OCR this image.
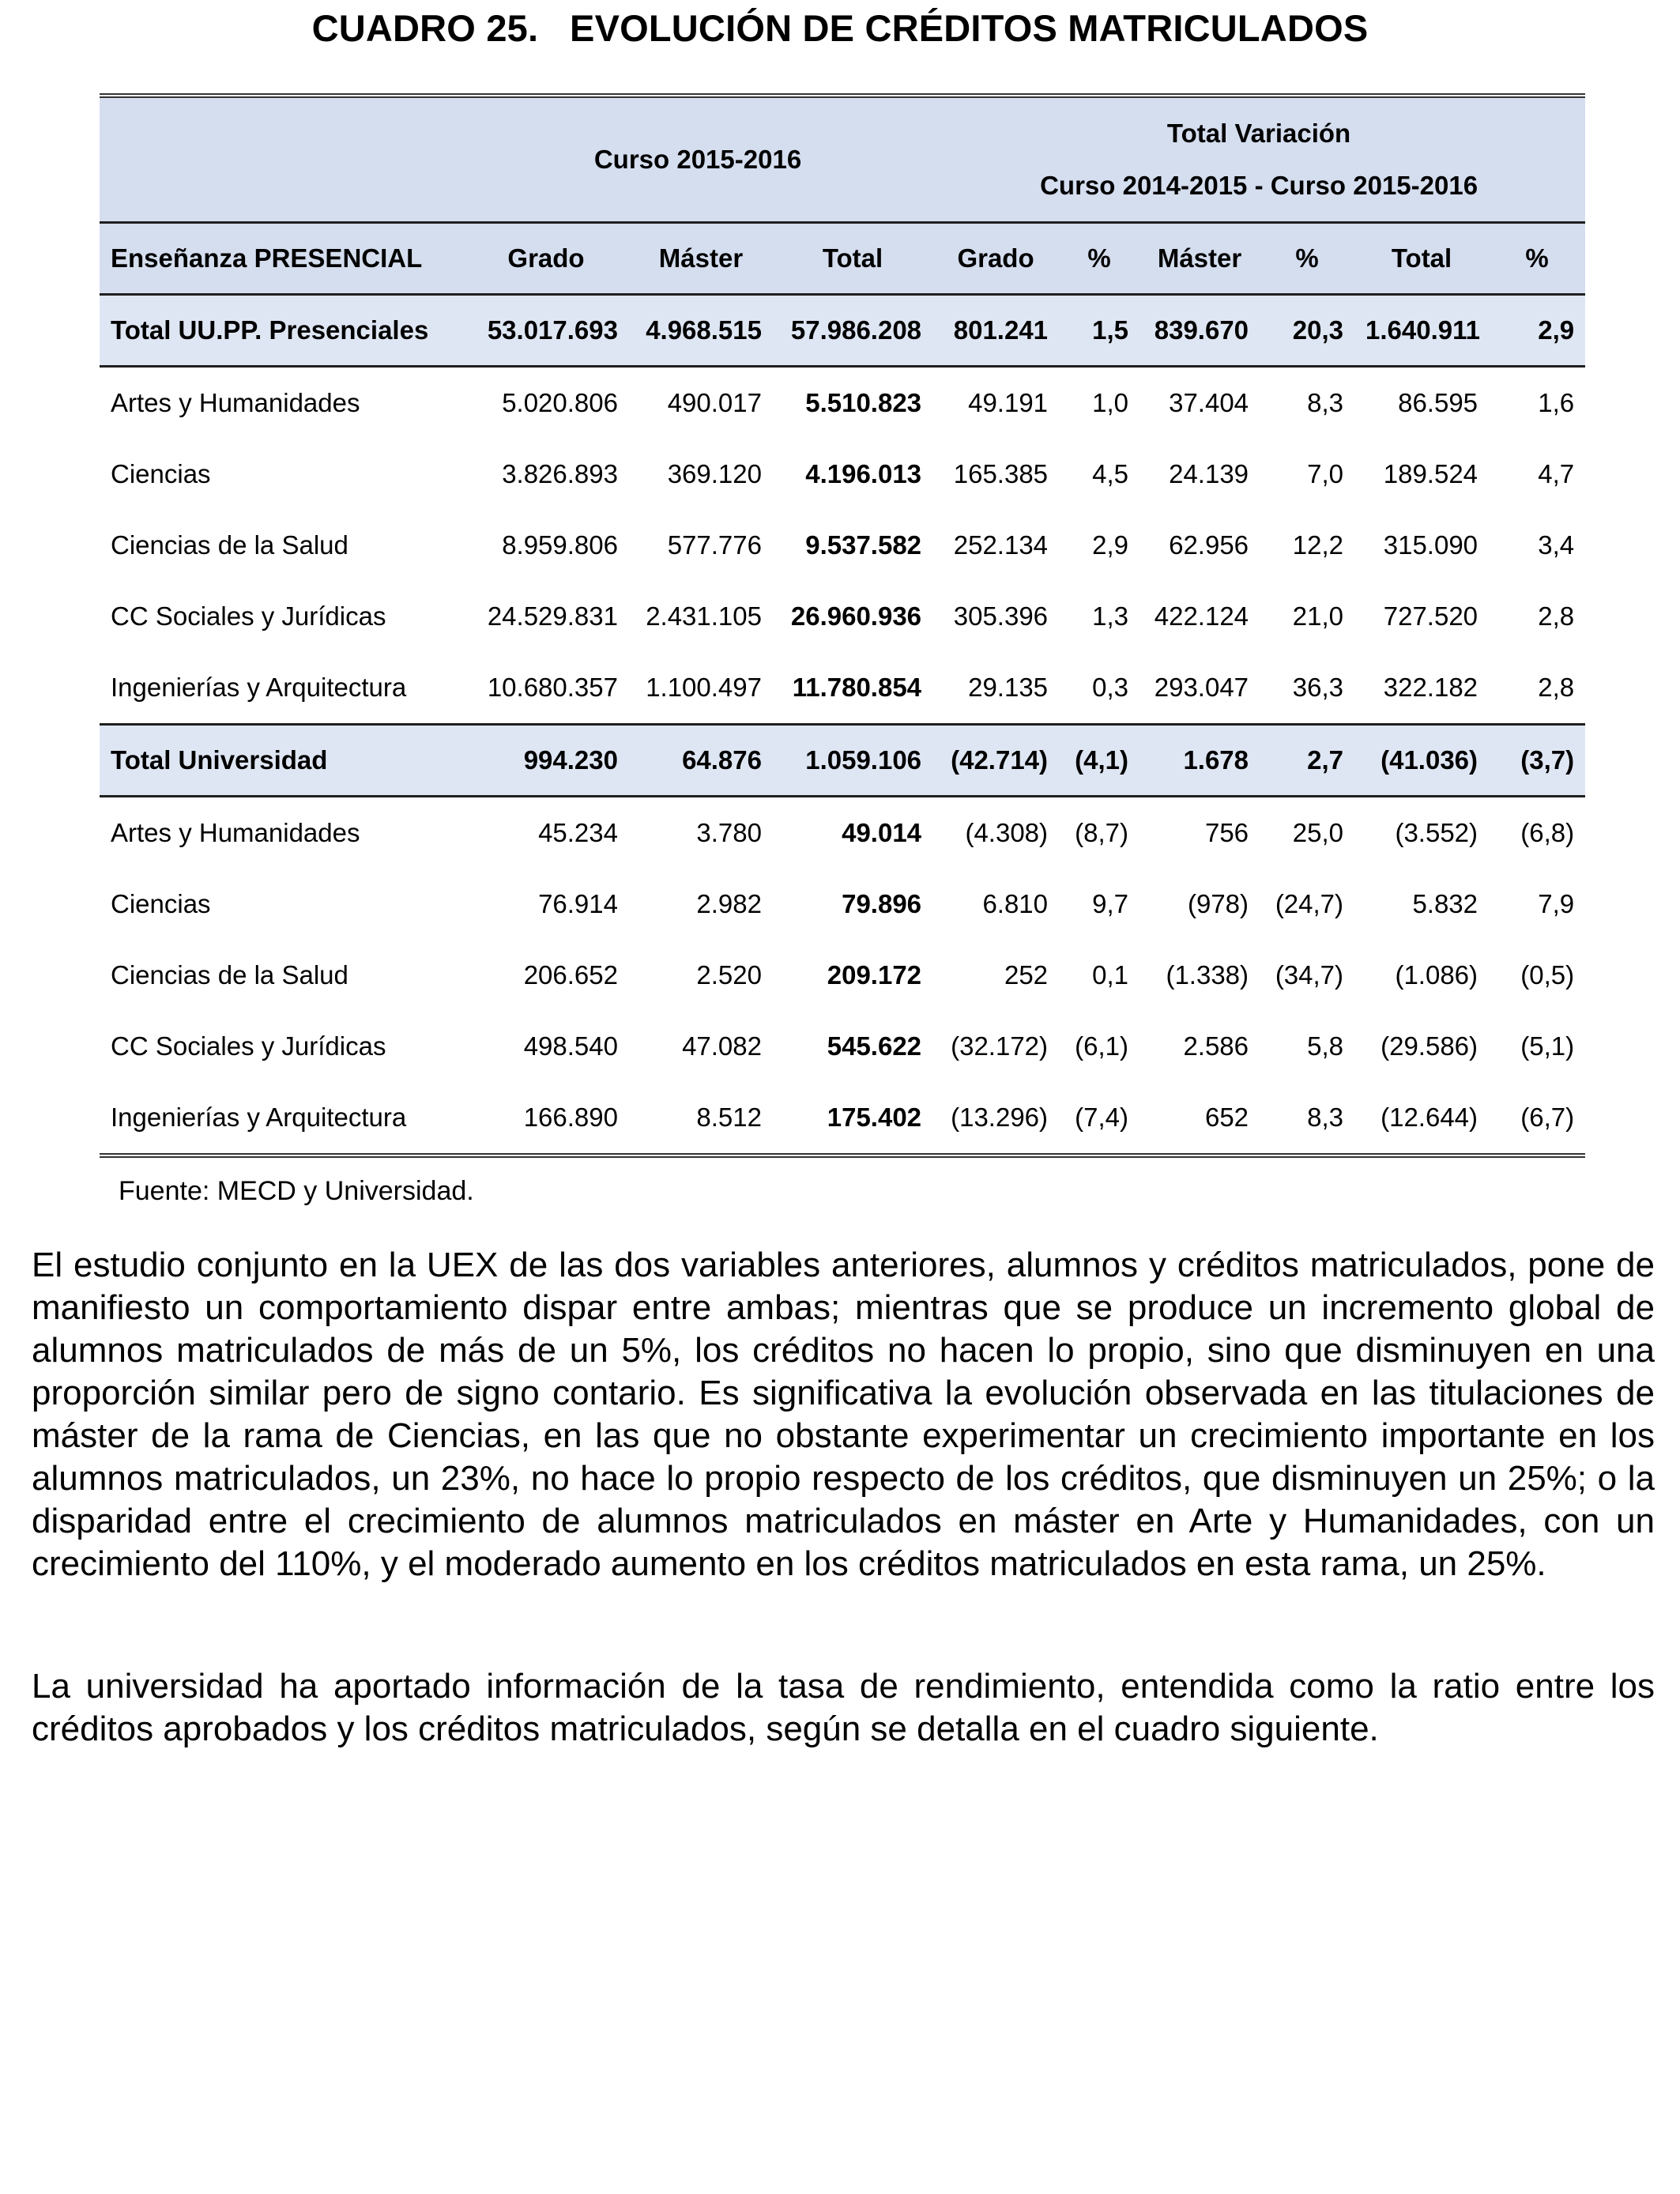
CUADRO 25.   EVOLUCIÓN DE CRÉDITOS MATRICULADOS
	Curso 2015-2016			Total Variación
Curso 2014-2015 - Curso 2015-2016					

Enseñanza PRESENCIAL	Grado	Máster	Total	Grado	%	Máster	%	Total	%
Total UU.PP. Presenciales	53.017.693	4.968.515	57.986.208	801.241	1,5	839.670	20,3	1.640.911	2,9
Artes y Humanidades	5.020.806	490.017	5.510.823	49.191	1,0	37.404	8,3	86.595	1,6
Ciencias	3.826.893	369.120	4.196.013	165.385	4,5	24.139	7,0	189.524	4,7
Ciencias de la Salud	8.959.806	577.776	9.537.582	252.134	2,9	62.956	12,2	315.090	3,4
CC Sociales y Jurídicas	24.529.831	2.431.105	26.960.936	305.396	1,3	422.124	21,0	727.520	2,8
Ingenierías y Arquitectura	10.680.357	1.100.497	11.780.854	29.135	0,3	293.047	36,3	322.182	2,8
Total Universidad	994.230	64.876	1.059.106	(42.714)	(4,1)	1.678	2,7	(41.036)	(3,7)
Artes y Humanidades	45.234	3.780	49.014	(4.308)	(8,7)	756	25,0	(3.552)	(6,8)
Ciencias	76.914	2.982	79.896	6.810	9,7	(978)	(24,7)	5.832	7,9
Ciencias de la Salud	206.652	2.520	209.172	252	0,1	(1.338)	(34,7)	(1.086)	(0,5)
CC Sociales y Jurídicas	498.540	47.082	545.622	(32.172)	(6,1)	2.586	5,8	(29.586)	(5,1)
Ingenierías y Arquitectura	166.890	8.512	175.402	(13.296)	(7,4)	652	8,3	(12.644)	(6,7)
Fuente: MECD y Universidad.

El estudio conjunto en la UEX de las dos variables anteriores, alumnos y créditos matriculados, pone de manifiesto un comportamiento dispar entre ambas; mientras que se produce un incremento global de alumnos matriculados de más de un 5%, los créditos no hacen lo propio, sino que disminuyen en una proporción similar pero de signo contario. Es significativa la evolución observada en las titulaciones de máster de la rama de Ciencias, en las que no obstante experimentar un crecimiento importante en los alumnos matriculados, un 23%, no hace lo propio respecto de los créditos, que disminuyen un 25%; o la disparidad entre el crecimiento de alumnos matriculados en máster en Arte y Humanidades, con un crecimiento del 110%, y el moderado aumento en los créditos matriculados en esta rama, un 25%.

La universidad ha aportado información de la tasa de rendimiento, entendida como la ratio entre los créditos aprobados y los créditos matriculados, según se detalla en el cuadro siguiente.
